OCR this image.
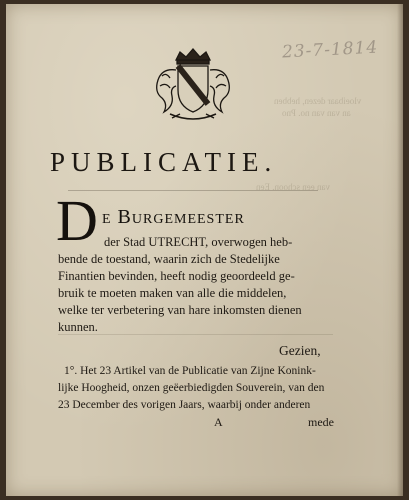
vloeibaar dezen, hebben
an van van no. Pno
van een schoon. Een
23-7-1814
PUBLICATIE.
D e Burgemeester
der Stad UTRECHT, overwogen heb-
bende de toestand, waarin zich de Stedelijke
Finantien bevinden, heeft nodig geoordeeld ge-
bruik te moeten maken van alle die middelen,
welke ter verbetering van hare inkomsten dienen
kunnen.
Gezien,
1°. Het 23 Artikel van de Publicatie van Zijne Konink-
lijke Hoogheid, onzen geëerbiedigden Souverein, van den
23 December des vorigen Jaars, waarbij onder anderen
A	mede
